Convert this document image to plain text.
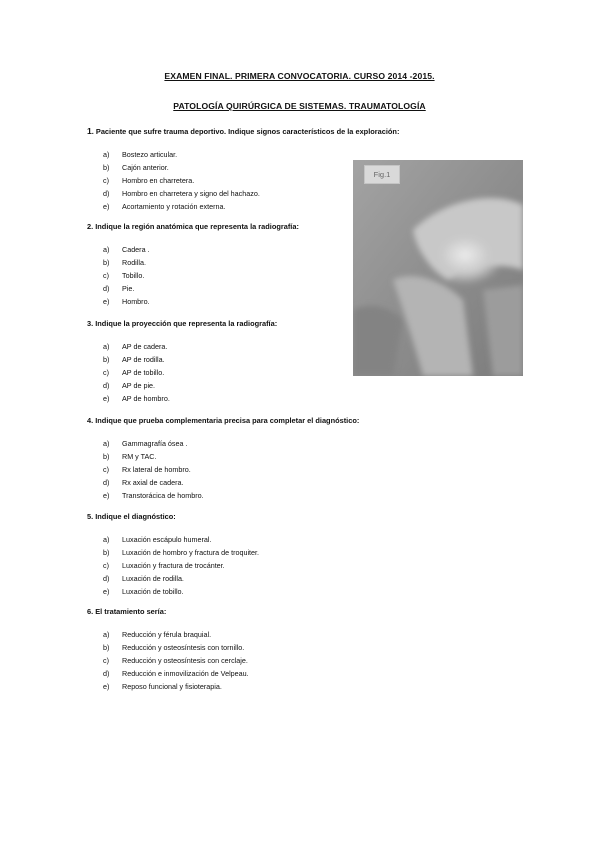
EXAMEN FINAL. PRIMERA CONVOCATORIA. CURSO 2014 -2015.
PATOLOGÍA QUIRÚRGICA DE SISTEMAS. TRAUMATOLOGÍA
1. Paciente que sufre trauma deportivo. Indique signos característicos de la exploración:
a) Bostezo articular.
b) Cajón anterior.
c) Hombro en charretera.
d) Hombro en charretera y signo del hachazo.
e) Acortamiento y rotación externa.
2. Indique la región anatómica que representa la radiografía:
a) Cadera .
b) Rodilla.
c) Tobillo.
d) Pie.
e) Hombro.
3. Indique la proyección que representa la radiografía:
a) AP de cadera.
b) AP de rodilla.
c) AP de tobillo.
d) AP de pie.
e) AP de hombro.
4. Indique que prueba complementaria precisa para completar el diagnóstico:
a) Gammagrafía ósea .
b) RM y TAC.
c) Rx lateral de hombro.
d) Rx axial de cadera.
e) Transtorácica de hombro.
5. Indique el diagnóstico:
a) Luxación escápulo humeral.
b) Luxación de hombro y fractura de troquiter.
c) Luxación y fractura de trocánter.
d) Luxación de rodilla.
e) Luxación de tobillo.
6. El tratamiento sería:
a) Reducción y férula braquial.
b) Reducción y osteosíntesis con tornillo.
c) Reducción y osteosíntesis con cerclaje.
d) Reducción e inmovilización de Velpeau.
e) Reposo funcional y fisioterapia.
Fig.1
